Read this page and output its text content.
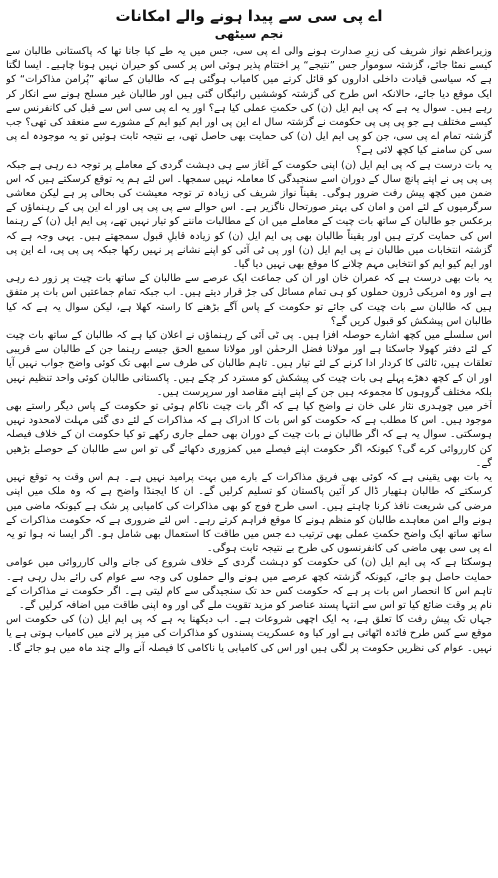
اے پی سی سے پیدا ہونے والے امکانات
نجم سیٹھی

وزیراعظم نواز شریف کی زیرِ صدارت ہونے والی اے پی سی، جس میں یہ طے کیا جانا تھا کہ پاکستانی طالبان سے کیسے نمٹا جائے، گزشتہ سوموار جس ”نتیجے“ پر اختتام پذیر ہوئی اس پر کسی کو حیران نہیں ہونا چاہیے۔ ایسا لگتا ہے کہ سیاسی قیادت داخلی اداروں کو قائل کرنے میں کامیاب ہوگئی ہے کہ طالبان کے ساتھ ”پُرامن مذاکرات“ کو ایک موقع دیا جائے، حالانکہ اس طرح کی گزشتہ کوششیں رائیگاں گئی ہیں اور طالبان غیر مسلح ہونے سے انکار کر رہے ہیں۔ سوال یہ ہے کہ پی ایم ایل (ن) کی حکمتِ عملی کیا ہے؟ اور یہ اے پی سی اس سے قبل کی کانفرنس سے کیسے مختلف ہے جو پی پی پی حکومت نے گزشتہ سال اے این پی اور ایم کیو ایم کے مشورے سے منعقد کی تھی؟ جب گزشتہ تمام اے پی سی، جن کو پی ایم ایل (ن) کی حمایت بھی حاصل تھی، بے نتیجہ ثابت ہوئیں تو یہ موجودہ اے پی سی کن سامنے کیا کچھ لائی ہے؟

یہ بات درست ہے کہ پی ایم ایل (ن) اپنی حکومت کے آغاز سے ہی دہشت گردی کے معاملے پر توجہ دے رہی ہے جبکہ پی پی پی نے اپنے پانچ سال کے دوران اسے سنجیدگی کا معاملہ نہیں سمجھا۔ اس لئے ہم یہ توقع کرسکتے ہیں کہ اس ضمن میں کچھ پیش رفت ضرور ہوگی۔ یقیناً نواز شریف کی زیادہ تر توجہ معیشت کی بحالی پر ہے لیکن معاشی سرگرمیوں کے لئے امن و امان کی بہتر صورتحال ناگزیر ہے۔ اس حوالے سے پی پی پی اور اے این پی کے رہنماؤں کے برعکس جو طالبان کے ساتھ بات چیت کے معاملے میں ان کے مطالبات ماننے کو تیار نہیں تھے، پی ایم ایل (ن) کے رہنما اس کی حمایت کرتے ہیں اور یقیناً طالبان بھی پی ایم ایل (ن) کو زیادہ قابلِ قبول سمجھتے ہیں۔ یہی وجہ ہے کہ گزشتہ انتخابات میں طالبان نے پی ایم ایل (ن) اور پی ٹی آئی کو اپنے نشانے پر نہیں رکھا جبکہ پی پی پی، اے این پی اور ایم کیو ایم کو انتخابی مہم چلانے کا موقع بھی نہیں دیا گیا۔

یہ بات بھی درست ہے کہ عمران خان اور ان کی جماعت ایک عرصے سے طالبان کے ساتھ بات چیت پر زور دے رہی ہے اور وہ امریکی ڈرون حملوں کو ہی تمام مسائل کی جڑ قرار دیتے ہیں۔ اب جبکہ تمام جماعتیں اس بات پر متفق ہیں کہ طالبان سے بات چیت کی جائے تو حکومت کے پاس آگے بڑھنے کا راستہ کھلا ہے، لیکن سوال یہ ہے کہ کیا طالبان اس پیشکش کو قبول کریں گے؟

اس سلسلے میں کچھ اشارے حوصلہ افزا ہیں۔ پی ٹی آئی کے رہنماؤں نے اعلان کیا ہے کہ طالبان کے ساتھ بات چیت کے لئے دفتر کھولا جاسکتا ہے اور مولانا فضل الرحمٰن اور مولانا سمیع الحق جیسے رہنما جن کے طالبان سے قریبی تعلقات ہیں، ثالثی کا کردار ادا کرنے کے لئے تیار ہیں۔ تاہم طالبان کی طرف سے ابھی تک کوئی واضح جواب نہیں آیا اور ان کے کچھ دھڑے پہلے ہی بات چیت کی پیشکش کو مسترد کر چکے ہیں۔ پاکستانی طالبان کوئی واحد تنظیم نہیں بلکہ مختلف گروہوں کا مجموعہ ہیں جن کے اپنے اپنے مقاصد اور سرپرست ہیں۔

آخر میں چوہدری نثار علی خان نے واضح کیا ہے کہ اگر بات چیت ناکام ہوئی تو حکومت کے پاس دیگر راستے بھی موجود ہیں۔ اس کا مطلب ہے کہ حکومت کو اس بات کا ادراک ہے کہ مذاکرات کے لئے دی گئی مہلت لامحدود نہیں ہوسکتی۔ سوال یہ ہے کہ اگر طالبان نے بات چیت کے دوران بھی حملے جاری رکھے تو کیا حکومت ان کے خلاف فیصلہ کن کارروائی کرے گی؟ کیونکہ اگر حکومت اپنے فیصلے میں کمزوری دکھائے گی تو اس سے طالبان کے حوصلے بڑھیں گے۔

یہ بات بھی یقینی ہے کہ کوئی بھی فریق مذاکرات کے بارے میں بہت پرامید نہیں ہے۔ ہم اس وقت یہ توقع نہیں کرسکتے کہ طالبان ہتھیار ڈال کر آئین پاکستان کو تسلیم کرلیں گے۔ ان کا ایجنڈا واضح ہے کہ وہ ملک میں اپنی مرضی کی شریعت نافذ کرنا چاہتے ہیں۔ اسی طرح فوج کو بھی مذاکرات کی کامیابی پر شک ہے کیونکہ ماضی میں ہونے والے امن معاہدے طالبان کو منظم ہونے کا موقع فراہم کرتے رہے۔ اس لئے ضروری ہے کہ حکومت مذاکرات کے ساتھ ساتھ ایک واضح حکمتِ عملی بھی ترتیب دے جس میں طاقت کا استعمال بھی شامل ہو۔ اگر ایسا نہ ہوا تو یہ اے پی سی بھی ماضی کی کانفرنسوں کی طرح بے نتیجہ ثابت ہوگی۔

ہوسکتا ہے کہ پی ایم ایل (ن) کی حکومت کو دہشت گردی کے خلاف شروع کی جانے والی کارروائی میں عوامی حمایت حاصل ہو جائے، کیونکہ گزشتہ کچھ عرصے میں ہونے والے حملوں کی وجہ سے عوام کی رائے بدل رہی ہے۔ تاہم اس کا انحصار اس بات پر ہے کہ حکومت کس حد تک سنجیدگی سے کام لیتی ہے۔ اگر حکومت نے مذاکرات کے نام پر وقت ضائع کیا تو اس سے انتہا پسند عناصر کو مزید تقویت ملے گی اور وہ اپنی طاقت میں اضافہ کرلیں گے۔

جہاں تک پیش رفت کا تعلق ہے، یہ ایک اچھی شروعات ہے۔ اب دیکھنا یہ ہے کہ پی ایم ایل (ن) کی حکومت اس موقع سے کس طرح فائدہ اٹھاتی ہے اور کیا وہ عسکریت پسندوں کو مذاکرات کی میز پر لانے میں کامیاب ہوتی ہے یا نہیں۔ عوام کی نظریں حکومت پر لگی ہیں اور اس کی کامیابی یا ناکامی کا فیصلہ آنے والے چند ماہ میں ہو جائے گا۔
